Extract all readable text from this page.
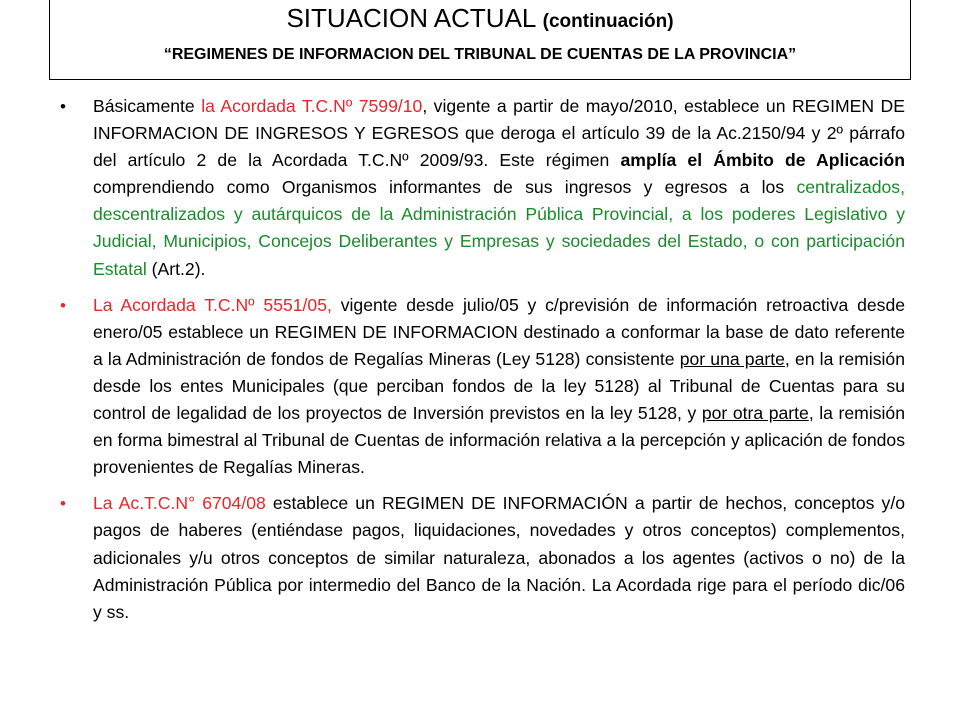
SITUACION ACTUAL (continuación)
“REGIMENES DE INFORMACION DEL TRIBUNAL DE CUENTAS DE LA PROVINCIA”
• Básicamente la Acordada T.C.Nº 7599/10, vigente a partir de mayo/2010, establece un REGIMEN DE INFORMACION DE INGRESOS Y EGRESOS que deroga el artículo 39 de la Ac.2150/94 y 2º párrafo del artículo 2 de la Acordada T.C.Nº 2009/93. Este régimen amplía el Ámbito de Aplicación comprendiendo como Organismos informantes de sus ingresos y egresos a los centralizados, descentralizados y autárquicos de la Administración Pública Provincial, a los poderes Legislativo y Judicial, Municipios, Concejos Deliberantes y Empresas y sociedades del Estado, o con participación Estatal (Art.2).
• La Acordada T.C.Nº 5551/05, vigente desde julio/05 y c/previsión de información retroactiva desde enero/05 establece un REGIMEN DE INFORMACION destinado a conformar la base de dato referente a la Administración de fondos de Regalías Mineras (Ley 5128) consistente por una parte, en la remisión desde los entes Municipales (que perciban fondos de la ley 5128) al Tribunal de Cuentas para su control de legalidad de los proyectos de Inversión previstos en la ley 5128, y por otra parte, la remisión en forma bimestral al Tribunal de Cuentas de información relativa a la percepción y aplicación de fondos provenientes de Regalías Mineras.
• La Ac.T.C.N° 6704/08 establece un REGIMEN DE INFORMACIÓN a partir de hechos, conceptos y/o pagos de haberes (entiéndase pagos, liquidaciones, novedades y otros conceptos) complementos, adicionales y/u otros conceptos de similar naturaleza, abonados a los agentes (activos o no) de la Administración Pública por intermedio del Banco de la Nación. La Acordada rige para el período dic/06 y ss.
